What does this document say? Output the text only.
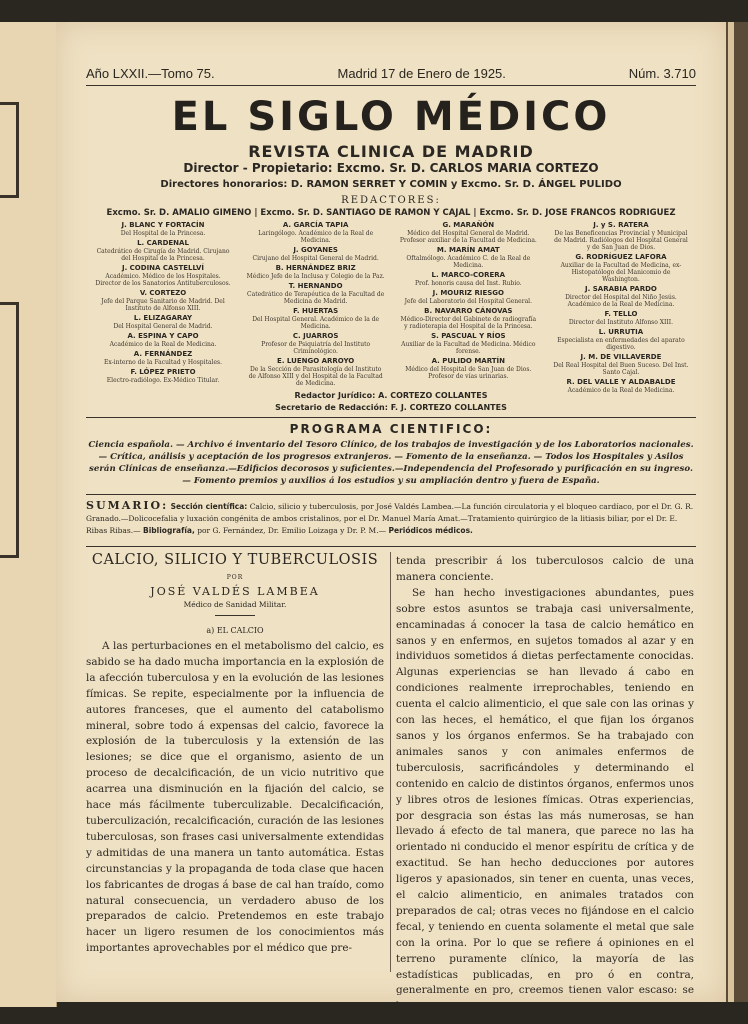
Año LXXII.—Tomo 75.	Madrid 17 de Enero de 1925.	Núm. 3.710
EL SIGLO MÉDICO
REVISTA CLINICA DE MADRID
Director - Propietario: Excmo. Sr. D. CARLOS MARIA CORTEZO
Directores honorarios: D. RAMON SERRET Y COMIN y Excmo. Sr. D. ÁNGEL PULIDO
REDACTORES:
Excmo. Sr. D. AMALIO GIMENO | Excmo. Sr. D. SANTIAGO DE RAMON Y CAJAL | Excmo. Sr. D. JOSE FRANCOS RODRIGUEZ
J. BLANC Y FORTACÍN
Del Hospital de la Princesa.
L. CARDENAL
Catedrático de Cirugía de Madrid. Cirujano del Hospital de la Princesa.
J. CODINA CASTELLVÍ
Académico. Médico de los Hospitales. Director de los Sanatorios Antituberculosos.
V. CORTEZO
Jefe del Parque Sanitario de Madrid. Del Instituto de Alfonso XIII.
L. ELIZAGARAY
Del Hospital General de Madrid.
A. ESPINA Y CAPO
Académico de la Real de Medicina.
A. FERNÁNDEZ
Ex-interno de la Facultad y Hospitales.
F. LÓPEZ PRIETO
Electro-radiólogo. Ex-Médico Titular.
A. GARCÍA TAPIA
Laringólogo. Académico de la Real de Medicina.
J. GOYANES
Cirujano del Hospital General de Madrid.
B. HERNÁNDEZ BRIZ
Médico Jefe de la Inclusa y Colegio de la Paz.
T. HERNANDO
Catedrático de Terapéutica de la Facultad de Medicina de Madrid.
F. HUERTAS
Del Hospital General. Académico de la de Medicina.
C. JUARROS
Profesor de Psiquiatría del Instituto Criminológico.
E. LUENGO ARROYO
De la Sección de Parasitología del Instituto de Alfonso XIII y del Hospital de la Facultad de Medicina.
G. MARAÑÓN
Médico del Hospital General de Madrid. Profesor auxiliar de la Facultad de Medicina.
M. MARÍN AMAT
Oftalmólogo. Académico C. de la Real de Medicina.
L. MARCO-CORERA
Prof. honoris causa del Inst. Rubio.
J. MOURIZ RIESGO
Jefe del Laboratorio del Hospital General.
B. NAVARRO CÁNOVAS
Médico-Director del Gabinete de radiografía y radioterapia del Hospital de la Princesa.
S. PASCUAL Y RÍOS
Auxiliar de la Facultad de Medicina. Médico forense.
A. PULIDO MARTÍN
Médico del Hospital de San Juan de Dios. Profesor de vías urinarias.
J. y S. RATERA
De las Beneficencias Provincial y Municipal de Madrid. Radiólogos del Hospital General y de San Juan de Dios.
G. RODRÍGUEZ LAFORA
Auxiliar de la Facultad de Medicina, ex-Histopatólogo del Manicomio de Washington.
J. SARABIA PARDO
Director del Hospital del Niño Jesús. Académico de la Real de Medicina.
F. TELLO
Director del Instituto Alfonso XIII.
L. URRUTIA
Especialista en enfermedades del aparato digestivo.
J. M. DE VILLAVERDE
Del Real Hospital del Buen Suceso. Del Inst. Santo Cajal.
R. DEL VALLE Y ALDABALDE
Académico de la Real de Medicina.
Redactor Jurídico: A. CORTEZO COLLANTES
Secretario de Redacción: F. J. CORTEZO COLLANTES
PROGRAMA CIENTIFICO:
Ciencia española. — Archivo é inventario del Tesoro Clínico, de los trabajos de investigación y de los Laboratorios nacionales.— Crítica, análisis y aceptación de los progresos extranjeros. — Fomento de la enseñanza. — Todos los Hospitales y Asilos serán Clínicas de enseñanza.—Edificios decorosos y suficientes.—Independencia del Profesorado y purificación en su ingreso.— Fomento premios y auxilios á los estudios y su ampliación dentro y fuera de España.
SUMARIO: Sección científica: Calcio, silicio y tuberculosis, por José Valdés Lambea.—La función circulatoria y el bloqueo cardíaco, por el Dr. G. R. Granado.—Dolicocefalia y luxación congénita de ambos cristalinos, por el Dr. Manuel María Amat.—Tratamiento quirúrgico de la litiasis biliar, por el Dr. E. Ribas Ribas.— Bibliografía, por G. Fernández, Dr. Emilio Loizaga y Dr. P. M.— Periódicos médicos.
CALCIO, SILICIO Y TUBERCULOSIS
POR
JOSÉ VALDÉS LAMBEA
Médico de Sanidad Militar.
a) EL CALCIO

A las perturbaciones en el metabolismo del calcio, es sabido se ha dado mucha importancia en la explosión de la afección tuberculosa y en la evolución de las lesiones fímicas. Se repite, especialmente por la influencia de autores franceses, que el aumento del catabolismo mineral, sobre todo á expensas del calcio, favorece la explosión de la tuberculosis y la extensión de las lesiones; se dice que el organismo, asiento de un proceso de decalcificación, de un vicio nutritivo que acarrea una disminución en la fijación del calcio, se hace más fácilmente tuberculizable. Decalcificación, tuberculización, recalcificación, curación de las lesiones tuberculosas, son frases casi universalmente extendidas y admitidas de una manera un tanto automática. Estas circunstancias y la propaganda de toda clase que hacen los fabricantes de drogas á base de cal han traído, como natural consecuencia, un verdadero abuso de los preparados de calcio. Pretendemos en este trabajo hacer un ligero resumen de los conocimientos más importantes aprovechables por el médico que pre-

tenda prescribir á los tuberculosos calcio de una manera conciente.

Se han hecho investigaciones abundantes, pues sobre estos asuntos se trabaja casi universalmente, encaminadas á conocer la tasa de calcio hemático en sanos y en enfermos, en sujetos tomados al azar y en individuos sometidos á dietas perfectamente conocidas. Algunas experiencias se han llevado á cabo en condiciones realmente irreprochables, teniendo en cuenta el calcio alimenticio, el que sale con las orinas y con las heces, el hemático, el que fijan los órganos sanos y los órganos enfermos. Se ha trabajado con animales sanos y con animales enfermos de tuberculosis, sacrificándoles y determinando el contenido en calcio de distintos órganos, enfermos unos y libres otros de lesiones fímicas. Otras experiencias, por desgracia son éstas las más numerosas, se han llevado á efecto de tal manera, que parece no las ha orientado ni conducido el menor espíritu de crítica y de exactitud. Se han hecho deducciones por autores ligeros y apasionados, sin tener en cuenta, unas veces, el calcio alimenticio, en animales tratados con preparados de cal; otras veces no fijándose en el calcio fecal, y teniendo en cuenta solamente el metal que sale con la orina. Por lo que se refiere á opiniones en el terreno puramente clínico, la mayoría de las estadísticas publicadas, en pro ó en contra, generalmente en pro, creemos tienen valor escaso: se han
